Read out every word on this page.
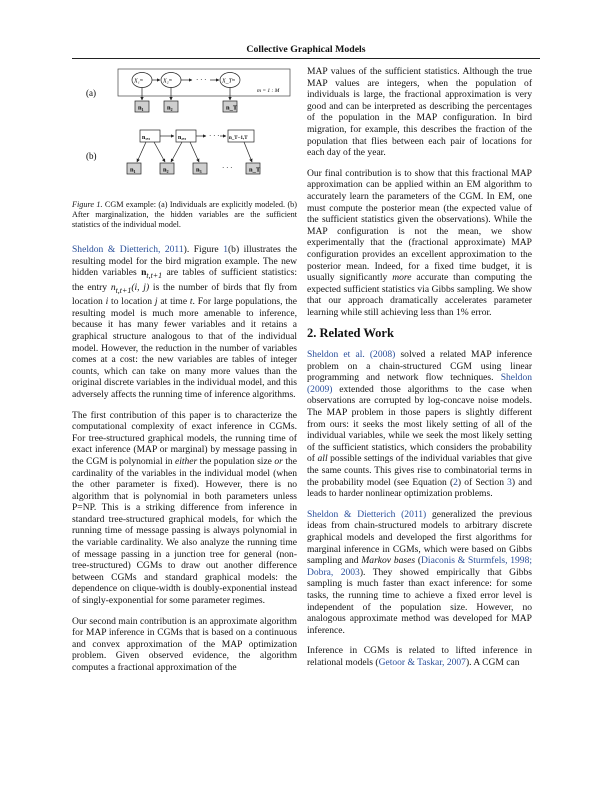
Collective Graphical Models
(a)	m = 1 : M
X₁ᵐ	X₂ᵐ	X_Tᵐ
· · ·
n₁	n₂	n_T
(b)
n₁,₂	n₂,₃	n_T−1,T
· · ·
n₁	n₂	n₃	· · ·	n_T
Figure 1. CGM example: (a) Individuals are explicitly modeled. (b) After marginalization, the hidden variables are the sufficient statistics of the individual model.

Sheldon & Dietterich, 2011). Figure 1(b) illustrates the resulting model for the bird migration example. The new hidden variables $n_{t,t+1}$ are tables of sufficient statistics: the entry $n_{t,t+1}(i$, j) is the number of birds that fly from location i to location j at time t. For large populations, the resulting model is much more amenable to inference, because it has many fewer variables and it retains a graphical structure analogous to that of the individual model. However, the reduction in the number of variables comes at a cost: the new variables are tables of integer counts, which can take on many more values than the original discrete variables in the individual model, and this adversely affects the running time of inference algorithms.

The first contribution of this paper is to characterize the computational complexity of exact inference in CGMs. For tree-structured graphical models, the running time of exact inference (MAP or marginal) by message passing in the CGM is polynomial in either the population size or the cardinality of the variables in the individual model (when the other parameter is fixed). However, there is no algorithm that is polynomial in both parameters unless P=NP. This is a striking difference from inference in standard tree-structured graphical models, for which the running time of message passing is always polynomial in the variable cardinality. We also analyze the running time of message passing in a junction tree for general (non-tree-structured) CGMs to draw out another difference between CGMs and standard graphical models: the dependence on clique-width is doubly-exponential instead of singly-exponential for some parameter regimes.

Our second main contribution is an approximate algorithm for MAP inference in CGMs that is based on a continuous and convex approximation of the MAP optimization problem. Given observed evidence, the algorithm computes a fractional approximation of the

MAP values of the sufficient statistics. Although the true MAP values are integers, when the population of individuals is large, the fractional approximation is very good and can be interpreted as describing the percentages of the population in the MAP configuration. In bird migration, for example, this describes the fraction of the population that flies between each pair of locations for each day of the year.

Our final contribution is to show that this fractional MAP approximation can be applied within an EM algorithm to accurately learn the parameters of the CGM. In EM, one must compute the posterior mean (the expected value of the sufficient statistics given the observations). While the MAP configuration is not the mean, we show experimentally that the (fractional approximate) MAP configuration provides an excellent approximation to the posterior mean. Indeed, for a fixed time budget, it is usually significantly more accurate than computing the expected sufficient statistics via Gibbs sampling. We show that our approach dramatically accelerates parameter learning while still achieving less than 1% error.

2. Related Work

Sheldon et al. (2008) solved a related MAP inference problem on a chain-structured CGM using linear programming and network flow techniques. Sheldon (2009) extended those algorithms to the case when observations are corrupted by log-concave noise models. The MAP problem in those papers is slightly different from ours: it seeks the most likely setting of all of the individual variables, while we seek the most likely setting of the sufficient statistics, which considers the probability of all possible settings of the individual variables that give the same counts. This gives rise to combinatorial terms in the probability model (see Equation (2) of Section 3) and leads to harder nonlinear optimization problems.

Sheldon & Dietterich (2011) generalized the previous ideas from chain-structured models to arbitrary discrete graphical models and developed the first algorithms for marginal inference in CGMs, which were based on Gibbs sampling and Markov bases (Diaconis & Sturmfels, 1998; Dobra, 2003). They showed empirically that Gibbs sampling is much faster than exact inference: for some tasks, the running time to achieve a fixed error level is independent of the population size. However, no analogous approximate method was developed for MAP inference.

Inference in CGMs is related to lifted inference in relational models (Getoor & Taskar, 2007). A CGM can
